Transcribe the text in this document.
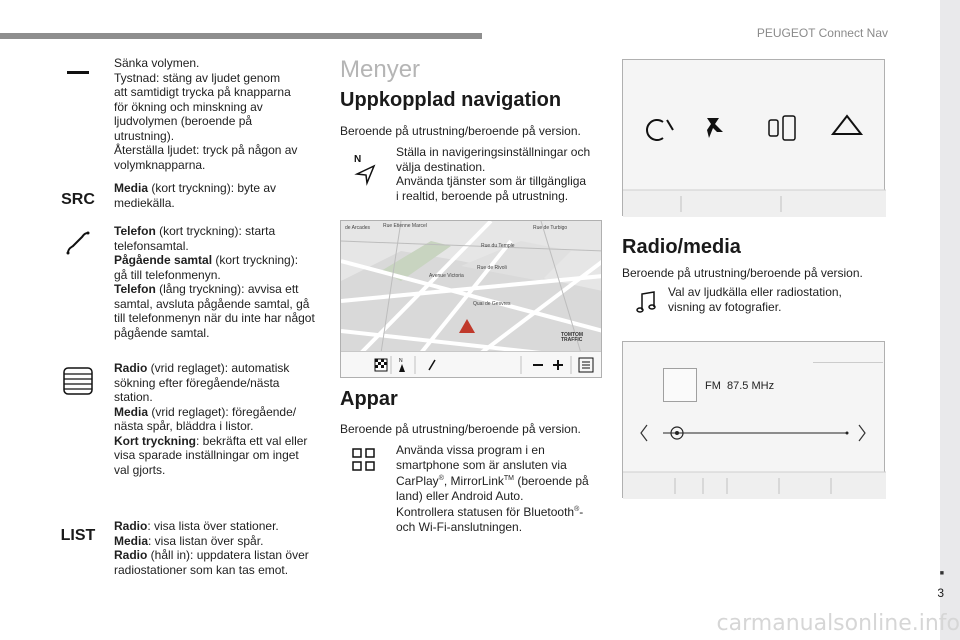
PEUGEOT Connect Nav
Sänka volymen.
Tystnad: stäng av ljudet genom
att samtidigt trycka på knapparna
för ökning och minskning av
ljudvolymen (beroende på
utrustning).
Återställa ljudet: tryck på någon av
volymknapparna.
SRC
Media (kort tryckning): byte av
mediekälla.
Telefon (kort tryckning): starta
telefonsamtal.
Pågående samtal (kort tryckning):
gå till telefonmenyn.
Telefon (lång tryckning): avvisa ett
samtal, avsluta pågående samtal, gå
till telefonmenyn när du inte har något
pågående samtal.
Radio (vrid reglaget): automatisk
sökning efter föregående/nästa
station.
Media (vrid reglaget): föregående/
nästa spår, bläddra i listor.
Kort tryckning: bekräfta ett val eller
visa sparade inställningar om inget
val gjorts.
LIST
Radio: visa lista över stationer.
Media: visa listan över spår.
Radio (håll in): uppdatera listan över
radiostationer som kan tas emot.
Menyer
Uppkopplad navigation
Beroende på utrustning/beroende på version.
N
Ställa in navigeringsinställningar och
välja destination.
Använda tjänster som är tillgängliga
i realtid, beroende på utrustning.
Rue de Turbigo
Rue Etienne Marcel
de Arcades
Rue du Temple
Rue de Rivoli
Avenue Victoria
Quai de Gesvres
TOMTOM
TRAFFIC
N
Appar
Beroende på utrustning/beroende på version.
Använda vissa program i en
smartphone som är ansluten via
CarPlay®, MirrorLink™ (beroende på
land) eller Android Auto.
Kontrollera statusen för Bluetooth®-
och Wi-Fi-anslutningen.
Radio/media
Beroende på utrustning/beroende på version.
Val av ljudkälla eller radiostation,
visning av fotografier.
FM  87.5 MHz
3
■
carmanualsonline.info
